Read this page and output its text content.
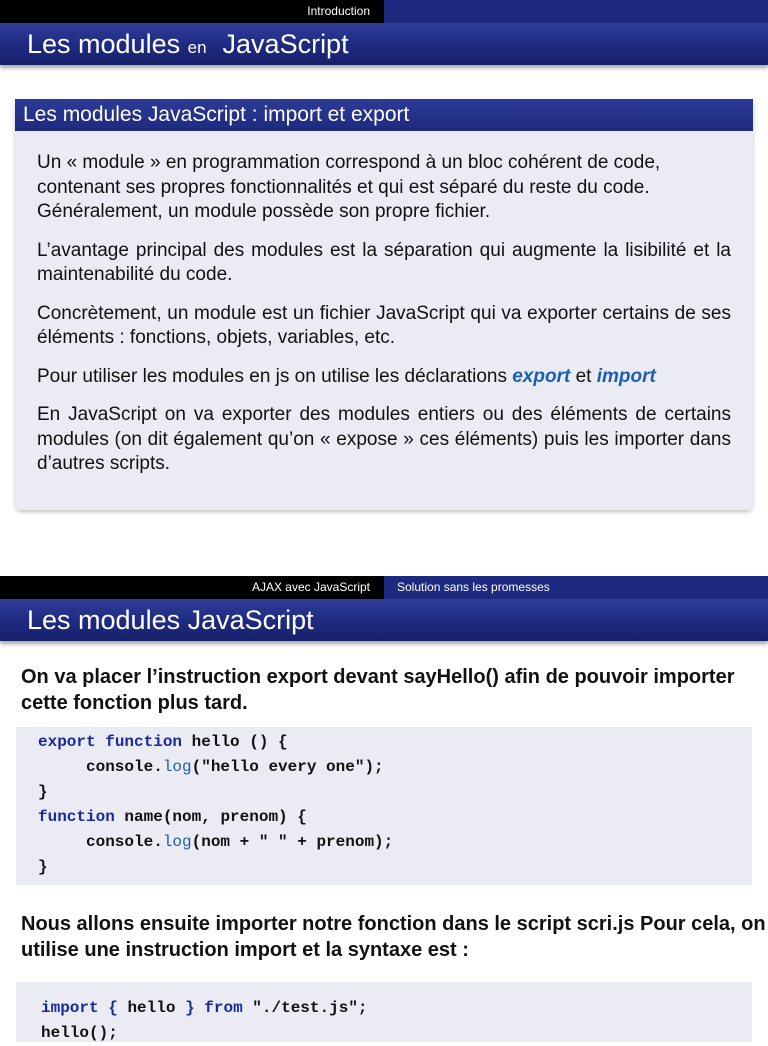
Introduction
Les modules en JavaScript
Les modules JavaScript : import et export

Un « module » en programmation correspond à un bloc cohérent de code, contenant ses propres fonctionnalités et qui est séparé du reste du code. Généralement, un module possède son propre fichier.

L’avantage principal des modules est la séparation qui augmente la lisibilité et la maintenabilité du code.

Concrètement, un module est un fichier JavaScript qui va exporter certains de ses éléments : fonctions, objets, variables, etc.

Pour utiliser les modules en js on utilise les déclarations export et import

En JavaScript on va exporter des modules entiers ou des éléments de certains modules (on dit également qu’on « expose » ces éléments) puis les importer dans d’autres scripts.

AJAX avec JavaScript	Solution sans les promesses
Les modules JavaScript

On va placer l’instruction export devant sayHello() afin de pouvoir importer cette fonction plus tard.

export function hello () {
console.log("hello every one");
}
function name(nom, prenom) {
console.log(nom + " " + prenom);
}

Nous allons ensuite importer notre fonction dans le script scri.js Pour cela, on utilise une instruction import et la syntaxe est :

import { hello } from "./test.js";
hello();
